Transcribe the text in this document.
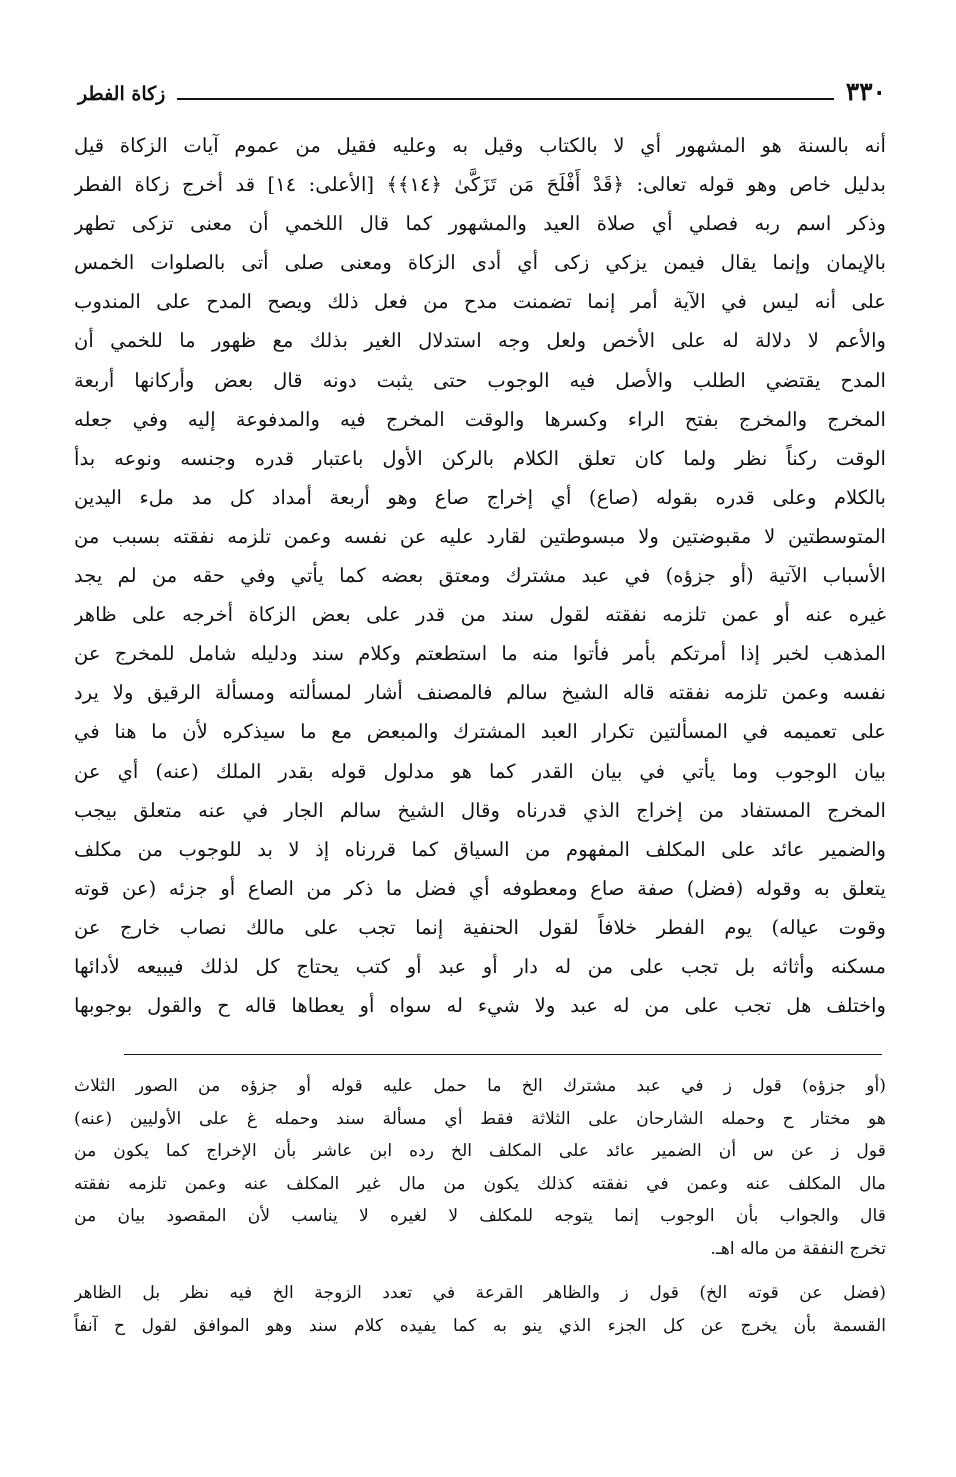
٣٣٠
زكاة الفطر
أنه بالسنة هو المشهور أي لا بالكتاب وقيل به وعليه فقيل من عموم آيات الزكاة قيل
بدليل خاص وهو قوله تعالى: ﴿قَدْ أَفْلَحَ مَن تَزَكَّىٰ ﴿١٤﴾﴾ [الأعلى: ١٤] قد أخرج زكاة الفطر
وذكر اسم ربه فصلي أي صلاة العيد والمشهور كما قال اللخمي أن معنى تزكى تطهر
بالإيمان وإنما يقال فيمن يزكي زكى أي أدى الزكاة ومعنى صلى أتى بالصلوات الخمس
على أنه ليس في الآية أمر إنما تضمنت مدح من فعل ذلك ويصح المدح على المندوب
والأعم لا دلالة له على الأخص ولعل وجه استدلال الغير بذلك مع ظهور ما للخمي أن
المدح يقتضي الطلب والأصل فيه الوجوب حتى يثبت دونه قال بعض وأركانها أربعة
المخرج والمخرج بفتح الراء وكسرها والوقت المخرج فيه والمدفوعة إليه وفي جعله
الوقت ركناً نظر ولما كان تعلق الكلام بالركن الأول باعتبار قدره وجنسه ونوعه بدأ
بالكلام وعلى قدره بقوله (صاع) أي إخراج صاع وهو أربعة أمداد كل مد ملء اليدين
المتوسطتين لا مقبوضتين ولا مبسوطتين لقارد عليه عن نفسه وعمن تلزمه نفقته بسبب من
الأسباب الآتية (أو جزؤه) في عبد مشترك ومعتق بعضه كما يأتي وفي حقه من لم يجد
غيره عنه أو عمن تلزمه نفقته لقول سند من قدر على بعض الزكاة أخرجه على ظاهر
المذهب لخبر إذا أمرتكم بأمر فأتوا منه ما استطعتم وكلام سند ودليله شامل للمخرج عن
نفسه وعمن تلزمه نفقته قاله الشيخ سالم فالمصنف أشار لمسألته ومسألة الرقيق ولا يرد
على تعميمه في المسألتين تكرار العبد المشترك والمبعض مع ما سيذكره لأن ما هنا في
بيان الوجوب وما يأتي في بيان القدر كما هو مدلول قوله بقدر الملك (عنه) أي عن
المخرج المستفاد من إخراج الذي قدرناه وقال الشيخ سالم الجار في عنه متعلق بيجب
والضمير عائد على المكلف المفهوم من السياق كما قررناه إذ لا بد للوجوب من مكلف
يتعلق به وقوله (فضل) صفة صاع ومعطوفه أي فضل ما ذكر من الصاع أو جزئه (عن قوته
وقوت عياله) يوم الفطر خلافاً لقول الحنفية إنما تجب على مالك نصاب خارج عن
مسكنه وأثاثه بل تجب على من له دار أو عبد أو كتب يحتاج كل لذلك فيبيعه لأدائها
واختلف هل تجب على من له عبد ولا شيء له سواه أو يعطاها قاله ح والقول بوجوبها
(أو جزؤه) قول ز في عبد مشترك الخ ما حمل عليه قوله أو جزؤه من الصور الثلاث
هو مختار ح وحمله الشارحان على الثلاثة فقط أي مسألة سند وحمله غ على الأوليين (عنه)
قول ز عن س أن الضمير عائد على المكلف الخ رده ابن عاشر بأن الإخراج كما يكون من
مال المكلف عنه وعمن في نفقته كذلك يكون من مال غير المكلف عنه وعمن تلزمه نفقته
قال والجواب بأن الوجوب إنما يتوجه للمكلف لا لغيره لا يناسب لأن المقصود بيان من
تخرج النفقة من ماله اهـ.
(فضل عن قوته الخ) قول ز والظاهر القرعة في تعدد الزوجة الخ فيه نظر بل الظاهر
القسمة بأن يخرج عن كل الجزء الذي ينو به كما يفيده كلام سند وهو الموافق لقول ح آنفاً
